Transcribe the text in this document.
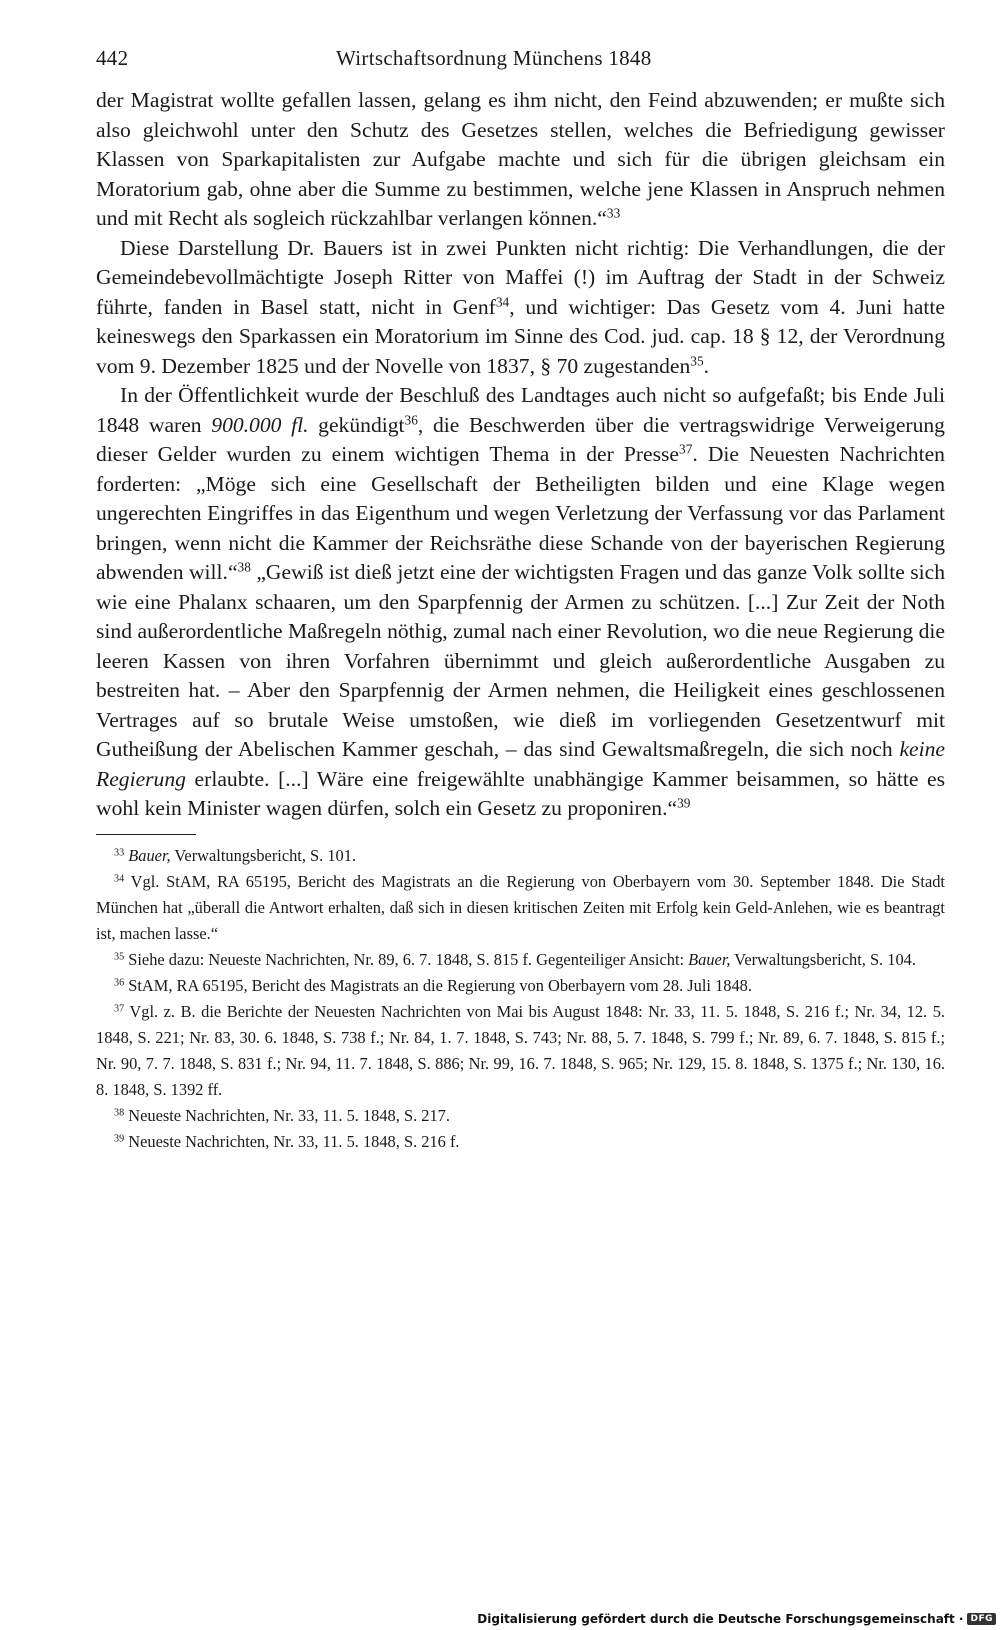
442	Wirtschaftsordnung Münchens 1848

der Magistrat wollte gefallen lassen, gelang es ihm nicht, den Feind abzuwenden; er mußte sich also gleichwohl unter den Schutz des Gesetzes stellen, welches die Befriedigung gewisser Klassen von Sparkapitalisten zur Aufgabe machte und sich für die übrigen gleichsam ein Moratorium gab, ohne aber die Summe zu bestimmen, welche jene Klassen in Anspruch nehmen und mit Recht als sogleich rückzahlbar verlangen können.“$^{33}$

Diese Darstellung Dr. Bauers ist in zwei Punkten nicht richtig: Die Verhandlungen, die der Gemeindebevollmächtigte Joseph Ritter von Maffei (!) im Auftrag der Stadt in der Schweiz führte, fanden in Basel statt, nicht in Genf$^{34}$, und wichtiger: Das Gesetz vom 4. Juni hatte keineswegs den Sparkassen ein Moratorium im Sinne des Cod. jud. cap. 18 § 12, der Verordnung vom 9. Dezember 1825 und der Novelle von 1837, § 70 zugestanden$^{35}$.

In der Öffentlichkeit wurde der Beschluß des Landtages auch nicht so aufgefaßt; bis Ende Juli 1848 waren 900.000 fl. gekündigt$^{36}$, die Beschwerden über die vertragswidrige Verweigerung dieser Gelder wurden zu einem wichtigen Thema in der Presse$^{37}$. Die Neuesten Nachrichten forderten: „Möge sich eine Gesellschaft der Betheiligten bilden und eine Klage wegen ungerechten Eingriffes in das Eigenthum und wegen Verletzung der Verfassung vor das Parlament bringen, wenn nicht die Kammer der Reichsräthe diese Schande von der bayerischen Regierung abwenden will.“$^{38}$ „Gewiß ist dieß jetzt eine der wichtigsten Fragen und das ganze Volk sollte sich wie eine Phalanx schaaren, um den Sparpfennig der Armen zu schützen. [...] Zur Zeit der Noth sind außerordentliche Maßregeln nöthig, zumal nach einer Revolution, wo die neue Regierung die leeren Kassen von ihren Vorfahren übernimmt und gleich außerordentliche Ausgaben zu bestreiten hat. – Aber den Sparpfennig der Armen nehmen, die Heiligkeit eines geschlossenen Vertrages auf so brutale Weise umstoßen, wie dieß im vorliegenden Gesetzentwurf mit Gutheißung der Abelischen Kammer geschah, – das sind Gewaltsmaßregeln, die sich noch keine Regierung erlaubte. [...] Wäre eine freigewählte unabhängige Kammer beisammen, so hätte es wohl kein Minister wagen dürfen, solch ein Gesetz zu proponiren.“$^{39}$

$^{33}$ Bauer, Verwaltungsbericht, S. 101.

$^{34}$ Vgl. StAM, RA 65195, Bericht des Magistrats an die Regierung von Oberbayern vom 30. September 1848. Die Stadt München hat „überall die Antwort erhalten, daß sich in diesen kritischen Zeiten mit Erfolg kein Geld-Anlehen, wie es beantragt ist, machen lasse.“

$^{35}$ Siehe dazu: Neueste Nachrichten, Nr. 89, 6. 7. 1848, S. 815 f. Gegenteiliger Ansicht: Bauer, Verwaltungsbericht, S. 104.

$^{36}$ StAM, RA 65195, Bericht des Magistrats an die Regierung von Oberbayern vom 28. Juli 1848.

$^{37}$ Vgl. z. B. die Berichte der Neuesten Nachrichten von Mai bis August 1848: Nr. 33, 11. 5. 1848, S. 216 f.; Nr. 34, 12. 5. 1848, S. 221; Nr. 83, 30. 6. 1848, S. 738 f.; Nr. 84, 1. 7. 1848, S. 743; Nr. 88, 5. 7. 1848, S. 799 f.; Nr. 89, 6. 7. 1848, S. 815 f.; Nr. 90, 7. 7. 1848, S. 831 f.; Nr. 94, 11. 7. 1848, S. 886; Nr. 99, 16. 7. 1848, S. 965; Nr. 129, 15. 8. 1848, S. 1375 f.; Nr. 130, 16. 8. 1848, S. 1392 ff.

$^{38}$ Neueste Nachrichten, Nr. 33, 11. 5. 1848, S. 217.

$^{39}$ Neueste Nachrichten, Nr. 33, 11. 5. 1848, S. 216 f.

Digitalisierung gefördert durch die Deutsche Forschungsgemeinschaft · DFG
